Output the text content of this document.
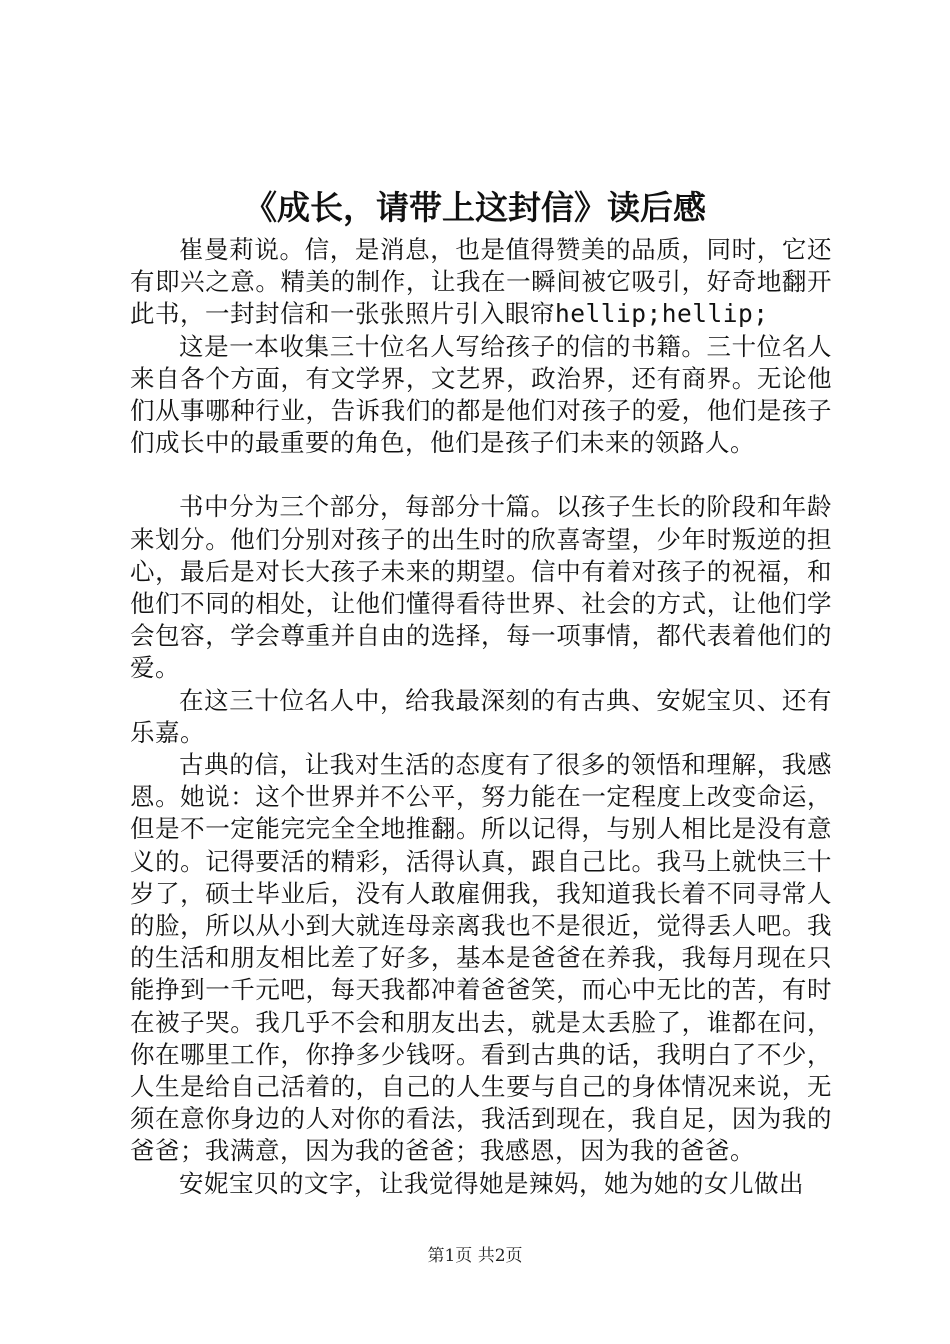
《成长，请带上这封信》读后感

崔曼莉说。信，是消息，也是值得赞美的品质，同时，它还有即兴之意。精美的制作，让我在一瞬间被它吸引，好奇地翻开此书，一封封信和一张张照片引入眼帘hellip;hellip;

这是一本收集三十位名人写给孩子的信的书籍。三十位名人来自各个方面，有文学界，文艺界，政治界，还有商界。无论他们从事哪种行业，告诉我们的都是他们对孩子的爱，他们是孩子们成长中的最重要的角色，他们是孩子们未来的领路人。

书中分为三个部分，每部分十篇。以孩子生长的阶段和年龄来划分。他们分别对孩子的出生时的欣喜寄望，少年时叛逆的担心，最后是对长大孩子未来的期望。信中有着对孩子的祝福，和他们不同的相处，让他们懂得看待世界、社会的方式，让他们学会包容，学会尊重并自由的选择，每一项事情，都代表着他们的爱。

在这三十位名人中，给我最深刻的有古典、安妮宝贝、还有乐嘉。

古典的信，让我对生活的态度有了很多的领悟和理解，我感恩。她说：这个世界并不公平，努力能在一定程度上改变命运，但是不一定能完完全全地推翻。所以记得，与别人相比是没有意义的。记得要活的精彩，活得认真，跟自己比。我马上就快三十岁了，硕士毕业后，没有人敢雇佣我，我知道我长着不同寻常人的脸，所以从小到大就连母亲离我也不是很近，觉得丢人吧。我的生活和朋友相比差了好多，基本是爸爸在养我，我每月现在只能挣到一千元吧，每天我都冲着爸爸笑，而心中无比的苦，有时在被子哭。我几乎不会和朋友出去，就是太丢脸了，谁都在问，你在哪里工作，你挣多少钱呀。看到古典的话，我明白了不少，人生是给自己活着的，自己的人生要与自己的身体情况来说，无须在意你身边的人对你的看法，我活到现在，我自足，因为我的爸爸；我满意，因为我的爸爸；我感恩，因为我的爸爸。

安妮宝贝的文字，让我觉得她是辣妈，她为她的女儿做出

第1页 共2页
